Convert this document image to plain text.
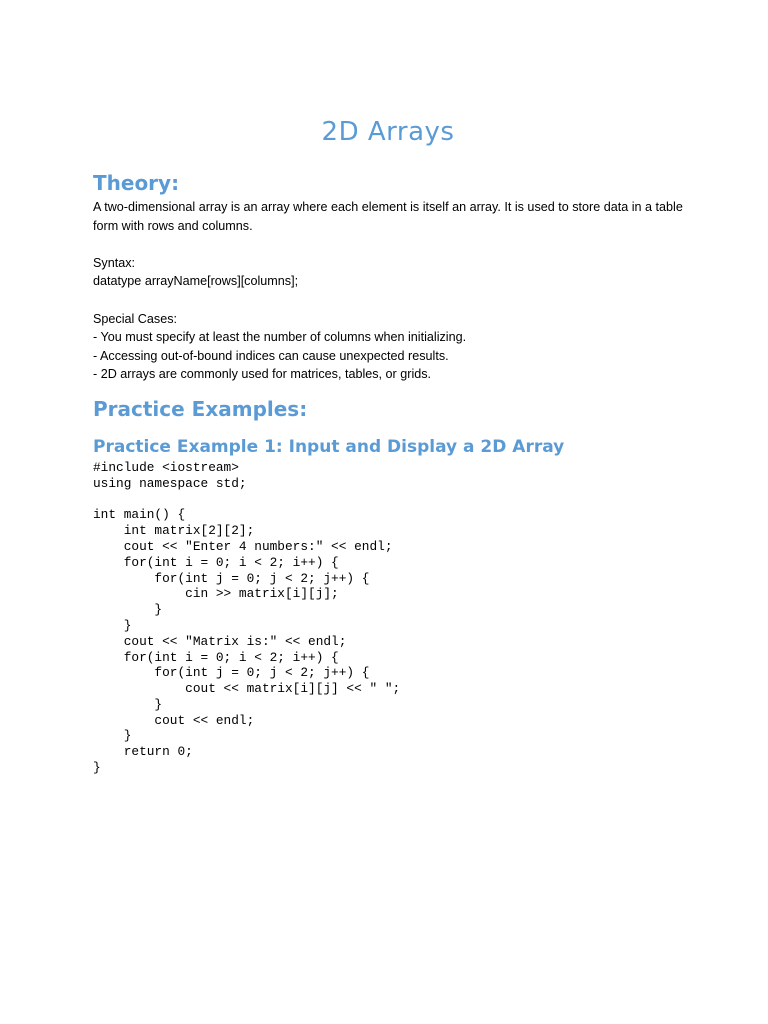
2D Arrays
Theory:

A two-dimensional array is an array where each element is itself an array. It is used to store data in a table form with rows and columns.

Syntax:

datatype arrayName[rows][columns];

Special Cases:

- You must specify at least the number of columns when initializing.

- Accessing out-of-bound indices can cause unexpected results.

- 2D arrays are commonly used for matrices, tables, or grids.

Practice Examples:
Practice Example 1: Input and Display a 2D Array
#include <iostream>
using namespace std;

int main() {
int matrix[2][2];
cout << "Enter 4 numbers:" << endl;
for(int i = 0; i < 2; i++) {
for(int j = 0; j < 2; j++) {
cin >> matrix[i][j];
}
}
cout << "Matrix is:" << endl;
for(int i = 0; i < 2; i++) {
for(int j = 0; j < 2; j++) {
cout << matrix[i][j] << " ";
}
cout << endl;
}
return 0;
}
